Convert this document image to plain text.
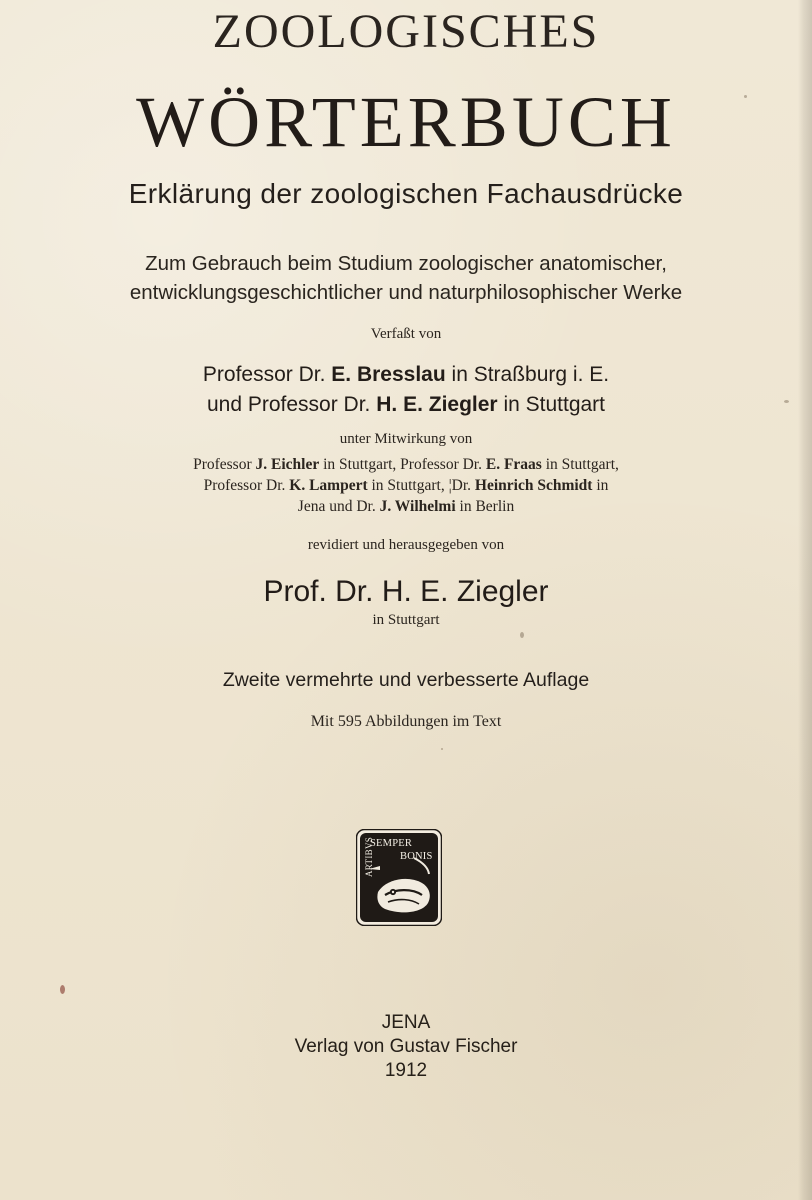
ZOOLOGISCHES
WÖRTERBUCH
Erklärung der zoologischen Fachausdrücke
Zum Gebrauch beim Studium zoologischer anatomischer,
entwicklungsgeschichtlicher und naturphilosophischer Werke
Verfaßt von
Professor Dr. E. Bresslau in Straßburg i. E.
und Professor Dr. H. E. Ziegler in Stuttgart
unter Mitwirkung von
Professor J. Eichler in Stuttgart, Professor Dr. E. Fraas in Stuttgart,
Professor Dr. K. Lampert in Stuttgart, ¦Dr. Heinrich Schmidt in
Jena und Dr. J. Wilhelmi in Berlin
revidiert und herausgegeben von
Prof. Dr. H. E. Ziegler
in Stuttgart
Zweite vermehrte und verbesserte Auflage
Mit 595 Abbildungen im Text
SEMPER
BONIS
ARTIBVS
JENA
Verlag von Gustav Fischer
1912
